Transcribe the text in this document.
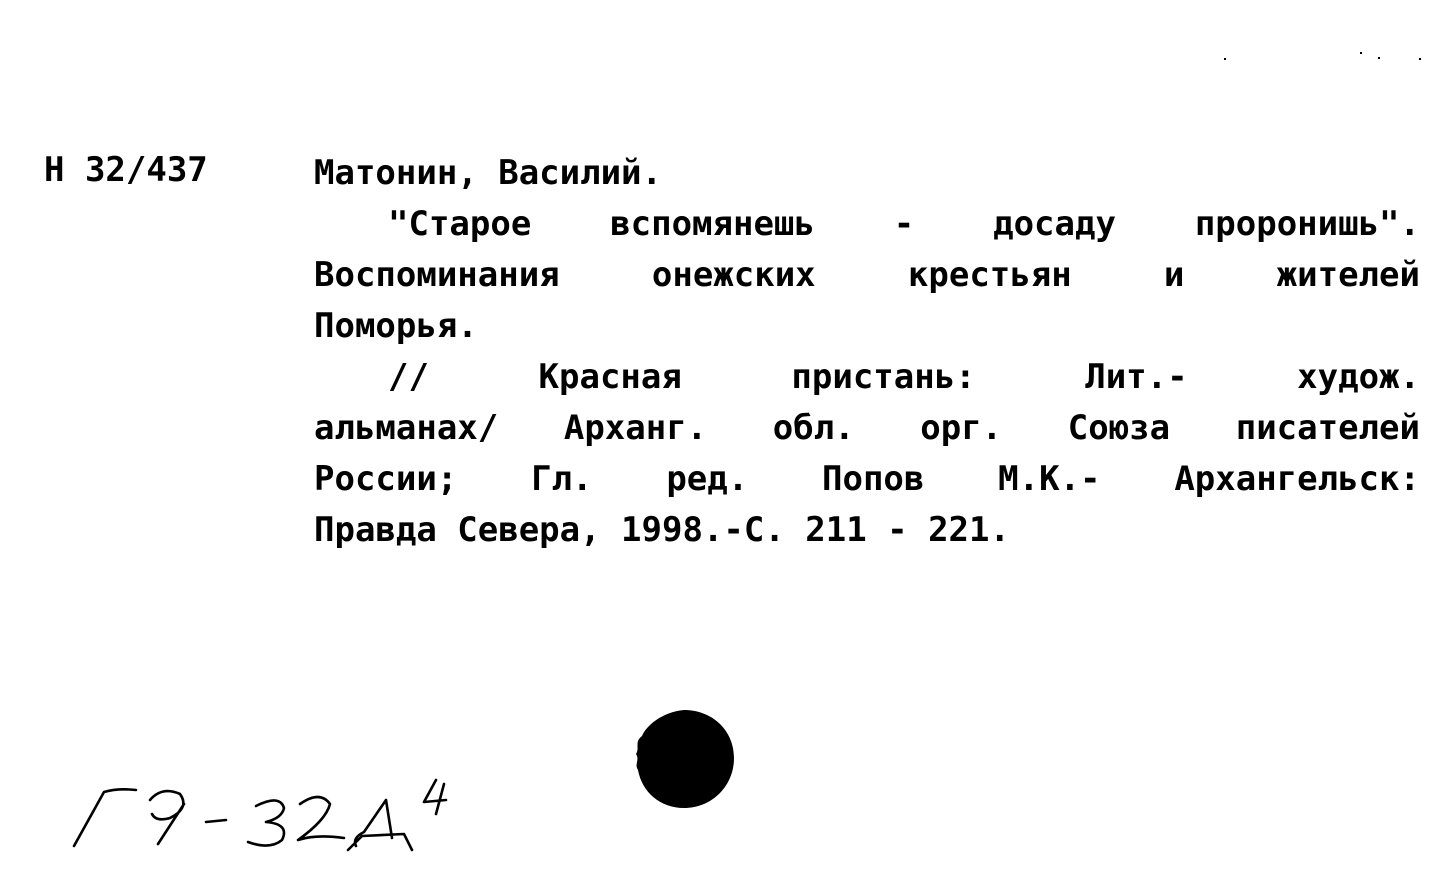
Н 32/437	Матонин, Василий.
"Старое вспомянешь - досаду проронишь".
Воспоминания	онежских	крестьян	и	жителей
Поморья.
//	Красная	пристань:	Лит.-	худож.
альманах/ Арханг. обл. орг. Союза писателей
России; Гл. ред. Попов М.К.- Архангельск:
Правда Севера, 1998.-С. 211 - 221.
